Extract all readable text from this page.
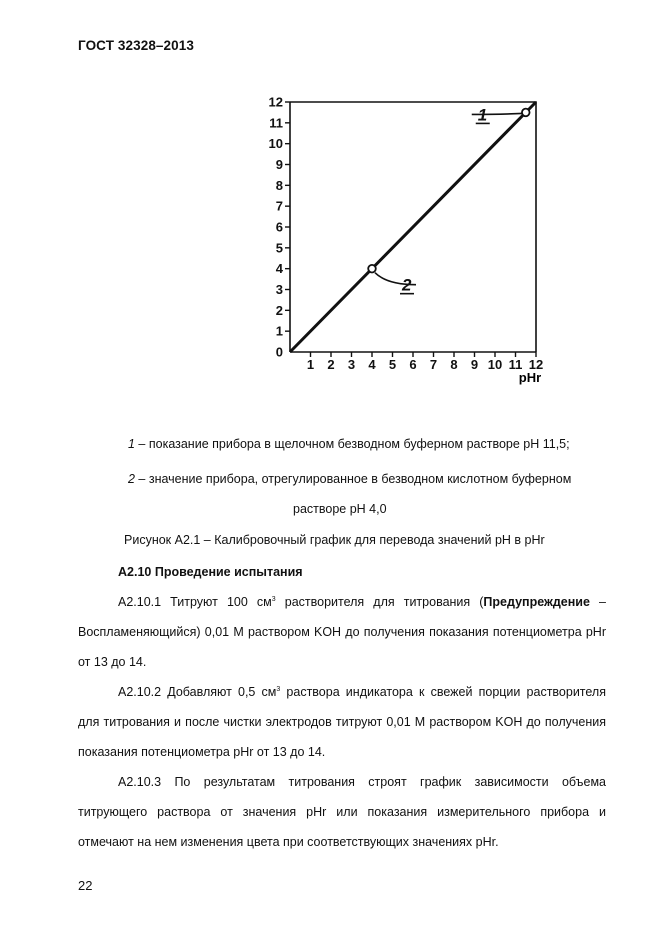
ГОСТ 32328–2013
0
1
2
3
4
5
6
7
8
9
10
11
12
1 2 3 4 5 6 7 8 9 10 11 12
1
2
pHr
1 – показание прибора в щелочном безводном буферном растворе pH 11,5;
2 – значение прибора, отрегулированное в безводном кислотном буферном
растворе pH 4,0
Рисунок А2.1 – Калибровочный график для перевода значений pH в pHr
А2.10 Проведение испытания

А2.10.1 Титруют 100 $см^3$ растворителя для титрования (Предупреждение – Воспламеняющийся) 0,01 М раствором KOH до получения показания потенциометра pHr от 13 до 14.

А2.10.2 Добавляют 0,5 $см^3$ раствора индикатора к свежей порции растворителя для титрования и после чистки электродов титруют 0,01 М раствором KOH до получения показания потенциометра pHr от 13 до 14.

А2.10.3 По результатам титрования строят график зависимости объема титрующего раствора от значения pHr или показания измерительного прибора и отмечают на нем изменения цвета при соответствующих значениях pHr.

22
